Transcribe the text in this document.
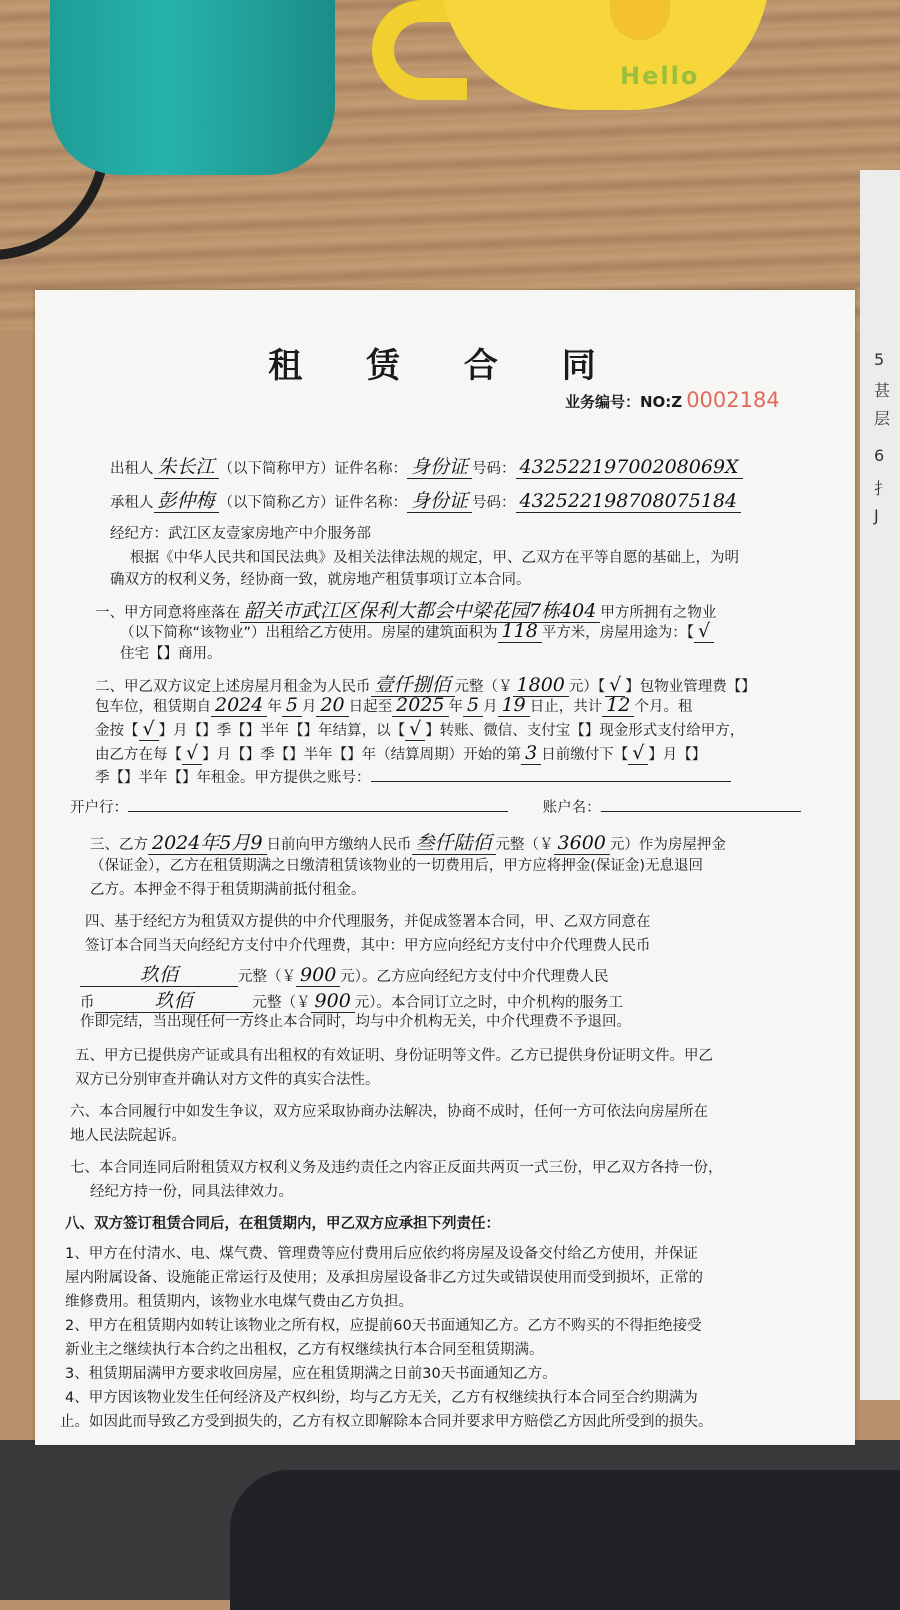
Hello
5
甚
层
6
扌
J
租 赁 合 同
业务编号：NO:Z 0002184
出租人 朱长江 （以下简称甲方）证件名称： 身份证 号码： 43252219700208069X
承租人 彭仲梅 （以下简称乙方）证件名称： 身份证 号码： 432522198708075184
经纪方：武江区友壹家房地产中介服务部
根据《中华人民共和国民法典》及相关法律法规的规定，甲、乙双方在平等自愿的基础上，为明
确双方的权利义务，经协商一致，就房地产租赁事项订立本合同。
一、甲方同意将座落在 韶关市武江区保利大都会中梁花园7栋404 甲方所拥有之物业
（以下简称“该物业”）出租给乙方使用。房屋的建筑面积为 118 平方米，房屋用途为：【 √
住宅【】商用。
二、甲乙双方议定上述房屋月租金为人民币 壹仟捌佰 元整（￥ 1800 元）【 √ 】包物业管理费【】
包车位，租赁期自 2024 年 5 月 20 日起至 2025 年 5 月 19 日止，共计 12 个月。租
金按【 √ 】月【】季【】半年【】年结算，以【 √ 】转账、微信、支付宝【】现金形式支付给甲方，
由乙方在每【 √ 】月【】季【】半年【】年（结算周期）开始的第 3 日前缴付下【 √ 】月【】
季【】半年【】年租金。甲方提供之账号：
开户行：	账户名：
三、乙方 2024年5月9 日前向甲方缴纳人民币 叁仟陆佰 元整（￥ 3600 元）作为房屋押金
（保证金），乙方在租赁期满之日缴清租赁该物业的一切费用后，甲方应将押金(保证金)无息退回
乙方。本押金不得于租赁期满前抵付租金。
四、基于经纪方为租赁双方提供的中介代理服务，并促成签署本合同，甲、乙双方同意在
签订本合同当天向经纪方支付中介代理费，其中：甲方应向经纪方支付中介代理费人民币
玖佰	元整（￥ 900 元）。乙方应向经纪方支付中介代理费人民
币	玖佰	元整（￥ 900 元）。本合同订立之时，中介机构的服务工
作即完结，当出现任何一方终止本合同时，均与中介机构无关，中介代理费不予退回。
五、甲方已提供房产证或具有出租权的有效证明、身份证明等文件。乙方已提供身份证明文件。甲乙
双方已分别审查并确认对方文件的真实合法性。
六、本合同履行中如发生争议，双方应采取协商办法解决，协商不成时，任何一方可依法向房屋所在
地人民法院起诉。
七、本合同连同后附租赁双方权利义务及违约责任之内容正反面共两页一式三份，甲乙双方各持一份，
经纪方持一份，同具法律效力。
八、双方签订租赁合同后，在租赁期内，甲乙双方应承担下列责任：
1、甲方在付清水、电、煤气费、管理费等应付费用后应依约将房屋及设备交付给乙方使用，并保证
屋内附属设备、设施能正常运行及使用；及承担房屋设备非乙方过失或错误使用而受到损坏，正常的
维修费用。租赁期内，该物业水电煤气费由乙方负担。
2、甲方在租赁期内如转让该物业之所有权，应提前60天书面通知乙方。乙方不购买的不得拒绝接受
新业主之继续执行本合约之出租权，乙方有权继续执行本合同至租赁期满。
3、租赁期届满甲方要求收回房屋，应在租赁期满之日前30天书面通知乙方。
4、甲方因该物业发生任何经济及产权纠纷，均与乙方无关，乙方有权继续执行本合同至合约期满为
止。如因此而导致乙方受到损失的，乙方有权立即解除本合同并要求甲方赔偿乙方因此所受到的损失。
